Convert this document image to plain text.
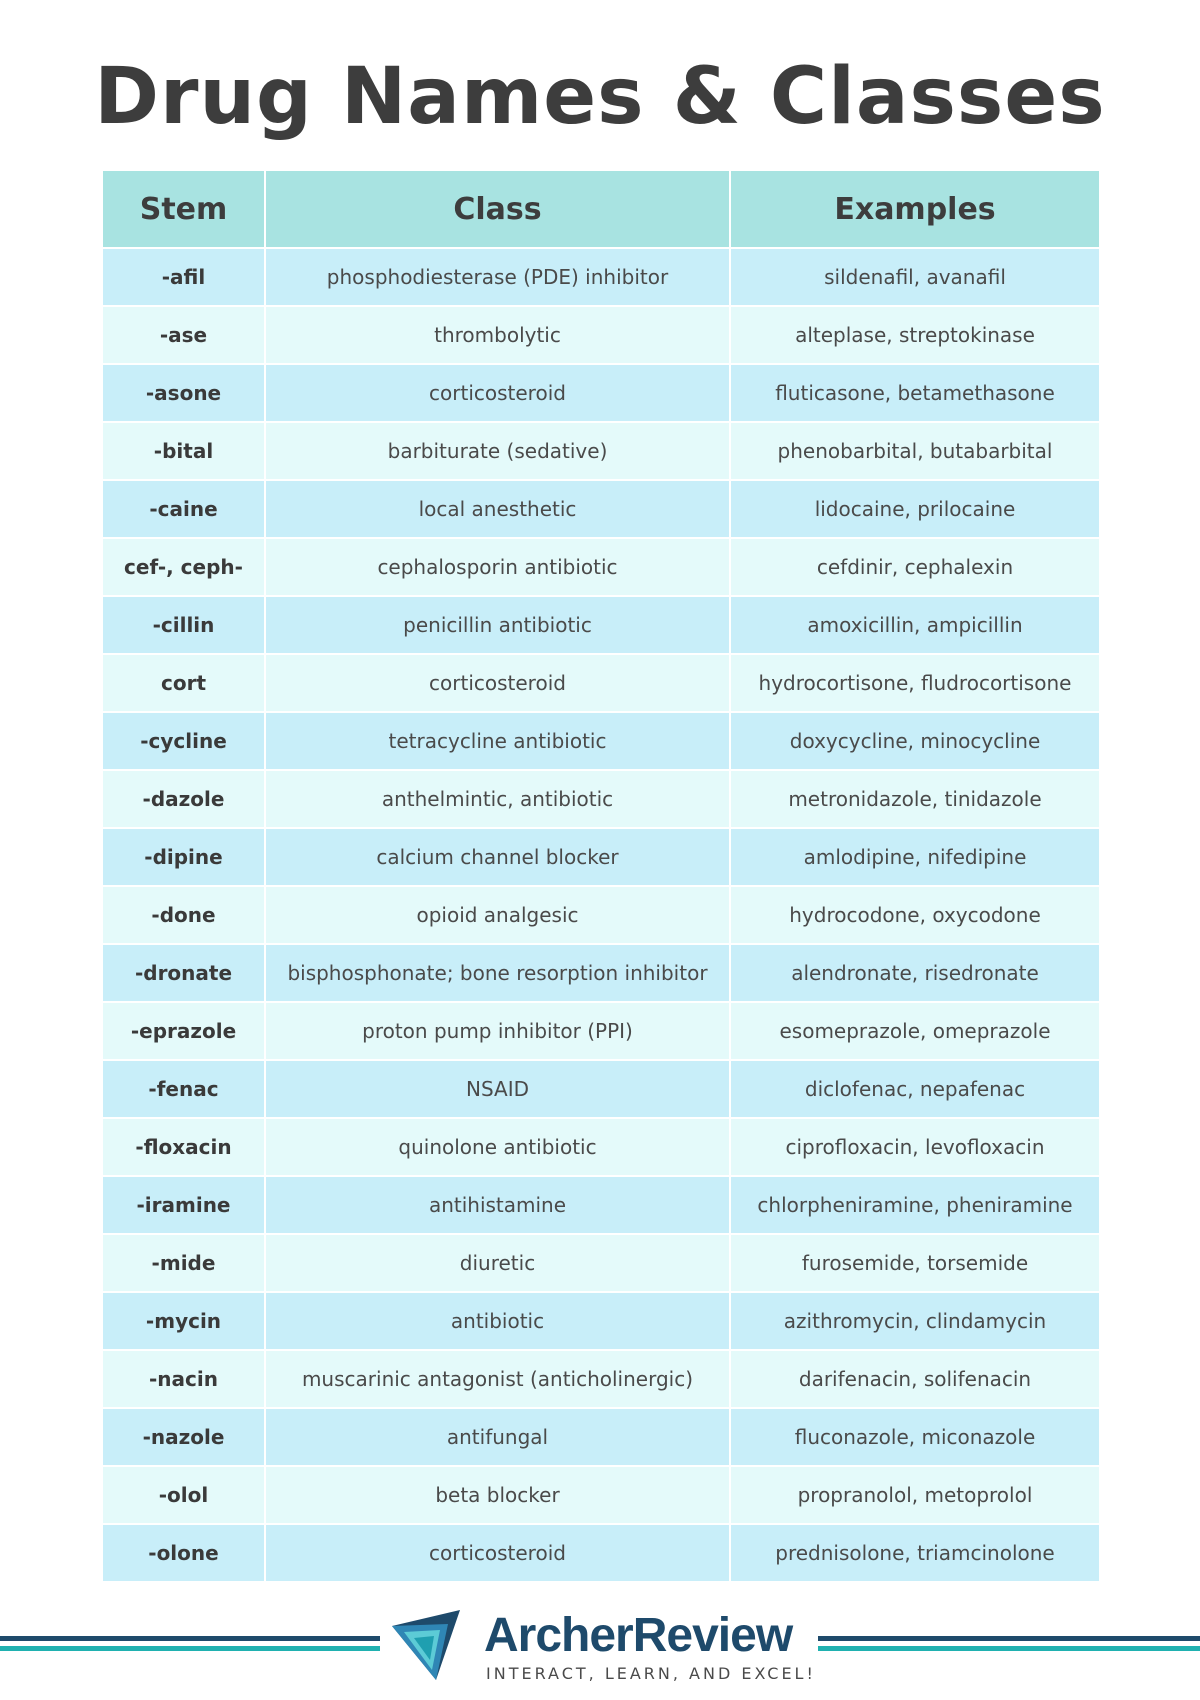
Drug Names & Classes
Stem	Class	Examples
-afil	phosphodiesterase (PDE) inhibitor	sildenafil, avanafil
-ase	thrombolytic	alteplase, streptokinase
-asone	corticosteroid	fluticasone, betamethasone
-bital	barbiturate (sedative)	phenobarbital, butabarbital
-caine	local anesthetic	lidocaine, prilocaine
cef-, ceph-	cephalosporin antibiotic	cefdinir, cephalexin
-cillin	penicillin antibiotic	amoxicillin, ampicillin
cort	corticosteroid	hydrocortisone, fludrocortisone
-cycline	tetracycline antibiotic	doxycycline, minocycline
-dazole	anthelmintic, antibiotic	metronidazole, tinidazole
-dipine	calcium channel blocker	amlodipine, nifedipine
-done	opioid analgesic	hydrocodone, oxycodone
-dronate	bisphosphonate; bone resorption inhibitor	alendronate, risedronate
-eprazole	proton pump inhibitor (PPI)	esomeprazole, omeprazole
-fenac	NSAID	diclofenac, nepafenac
-floxacin	quinolone antibiotic	ciprofloxacin, levofloxacin
-iramine	antihistamine	chlorpheniramine, pheniramine
-mide	diuretic	furosemide, torsemide
-mycin	antibiotic	azithromycin, clindamycin
-nacin	muscarinic antagonist (anticholinergic)	darifenacin, solifenacin
-nazole	antifungal	fluconazole, miconazole
-olol	beta blocker	propranolol, metoprolol
-olone	corticosteroid	prednisolone, triamcinolone
ArcherReview
INTERACT, LEARN, AND EXCEL!
